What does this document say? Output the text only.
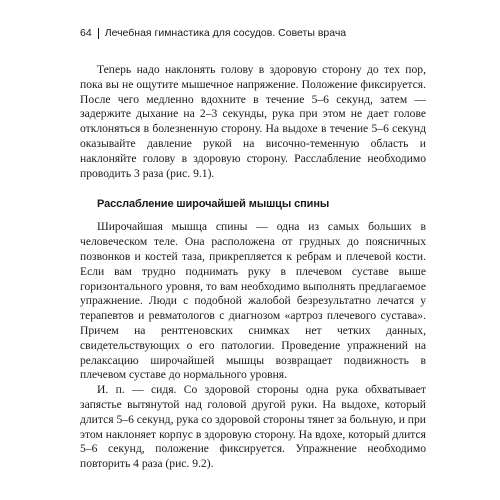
64 Лечебная гимнастика для сосудов. Советы врача

Теперь надо наклонять голову в здоровую сторону до тех пор, пока вы не ощутите мышечное напряжение. Положение фиксируется. После чего медленно вдохните в течение 5–6 секунд, затем — задержите дыхание на 2–3 секунды, рука при этом не дает голове отклоняться в болезненную сторону. На выдохе в течение 5–6 секунд оказывайте давление рукой на височно-теменную область и наклоняйте голову в здоровую сторону. Расслабление необходимо проводить 3 раза (рис. 9.1).

Расслабление широчайшей мышцы спины

Широчайшая мышца спины — одна из самых больших в человеческом теле. Она расположена от грудных до поясничных позвонков и костей таза, прикрепляется к ребрам и плечевой кости. Если вам трудно поднимать руку в плечевом суставе выше горизонтального уровня, то вам необходимо выполнять предлагаемое упражнение. Люди с подобной жалобой безрезультатно лечатся у терапевтов и ревматологов с диагнозом «артроз плечевого сустава». Причем на рентгеновских снимках нет четких данных, свидетельствующих о его патологии. Проведение упражнений на релаксацию широчайшей мышцы возвращает подвижность в плечевом суставе до нормального уровня.

И. п. — сидя. Со здоровой стороны одна рука обхватывает запястье вытянутой над головой другой руки. На выдохе, который длится 5–6 секунд, рука со здоровой стороны тянет за больную, и при этом наклоняет корпус в здоровую сторону. На вдохе, который длится 5–6 секунд, положение фиксируется. Упражнение необходимо повторить 4 раза (рис. 9.2).
